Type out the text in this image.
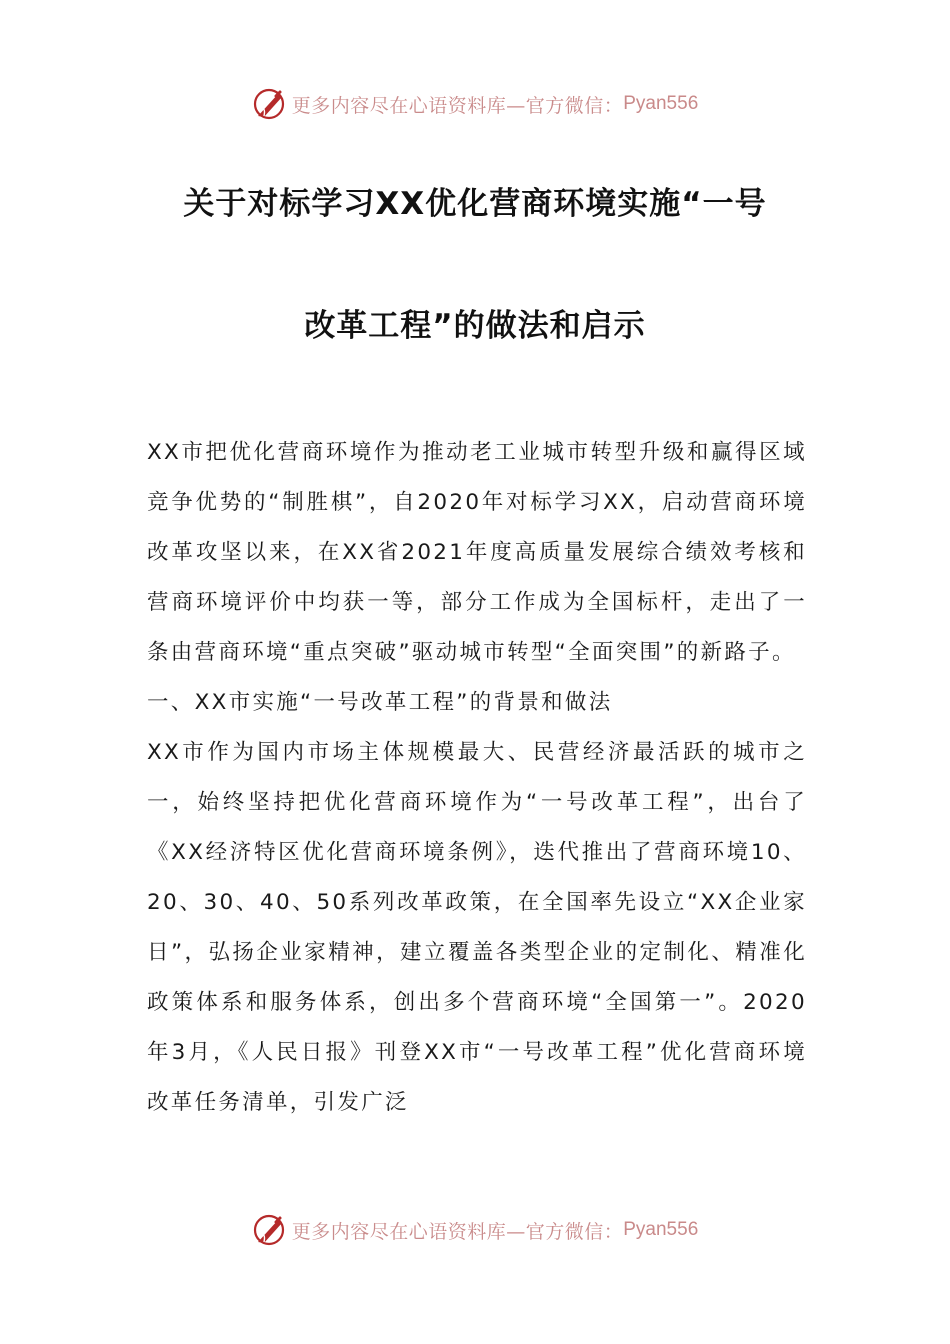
更多内容尽在心语资料库—官方微信： Pyan556
关于对标学习XX优化营商环境实施“一号
改革工程”的做法和启示

XX市把优化营商环境作为推动老工业城市转型升级和赢得区域竞争优势的“制胜棋”，自2020年对标学习XX，启动营商环境改革攻坚以来，在XX省2021年度高质量发展综合绩效考核和营商环境评价中均获一等，部分工作成为全国标杆，走出了一条由营商环境“重点突破”驱动城市转型“全面突围”的新路子。

一、XX市实施“一号改革工程”的背景和做法

XX市作为国内市场主体规模最大、民营经济最活跃的城市之一，始终坚持把优化营商环境作为“一号改革工程”，出台了《XX经济特区优化营商环境条例》，迭代推出了营商环境10、20、30、40、50系列改革政策，在全国率先设立“XX企业家日”，弘扬企业家精神，建立覆盖各类型企业的定制化、精准化政策体系和服务体系，创出多个营商环境“全国第一”。2020年3月，《人民日报》刊登XX市“一号改革工程”优化营商环境改革任务清单，引发广泛

更多内容尽在心语资料库—官方微信： Pyan556
